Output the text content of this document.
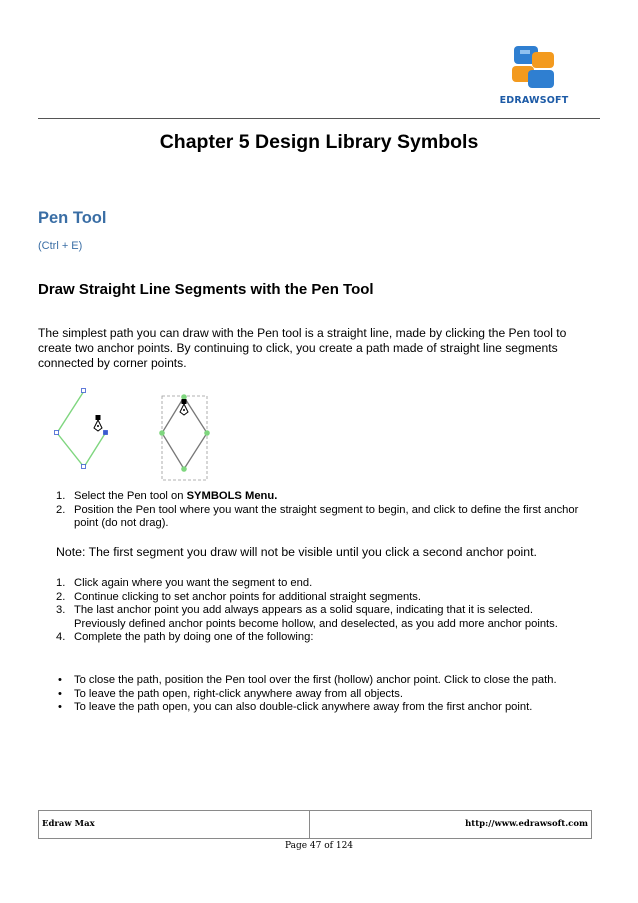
EDRAWSOFT
Chapter 5 Design Library Symbols
Pen Tool
(Ctrl + E)
Draw Straight Line Segments with the Pen Tool

The simplest path you can draw with the Pen tool is a straight line, made by clicking the Pen tool to create two anchor points. By continuing to click, you create a path made of straight line segments connected by corner points.

1. Select the Pen tool on SYMBOLS Menu.
2. Position the Pen tool where you want the straight segment to begin, and click to define the first anchor point (do not drag).
Note: The first segment you draw will not be visible until you click a second anchor point.
1. Click again where you want the segment to end.
2. Continue clicking to set anchor points for additional straight segments.
3. The last anchor point you add always appears as a solid square, indicating that it is selected. Previously defined anchor points become hollow, and deselected, as you add more anchor points.
4. Complete the path by doing one of the following:
• To close the path, position the Pen tool over the first (hollow) anchor point. Click to close the path.
• To leave the path open, right-click anywhere away from all objects.
• To leave the path open, you can also double-click anywhere away from the first anchor point.
Edraw Max	http://www.edrawsoft.com
Page 47 of 124
